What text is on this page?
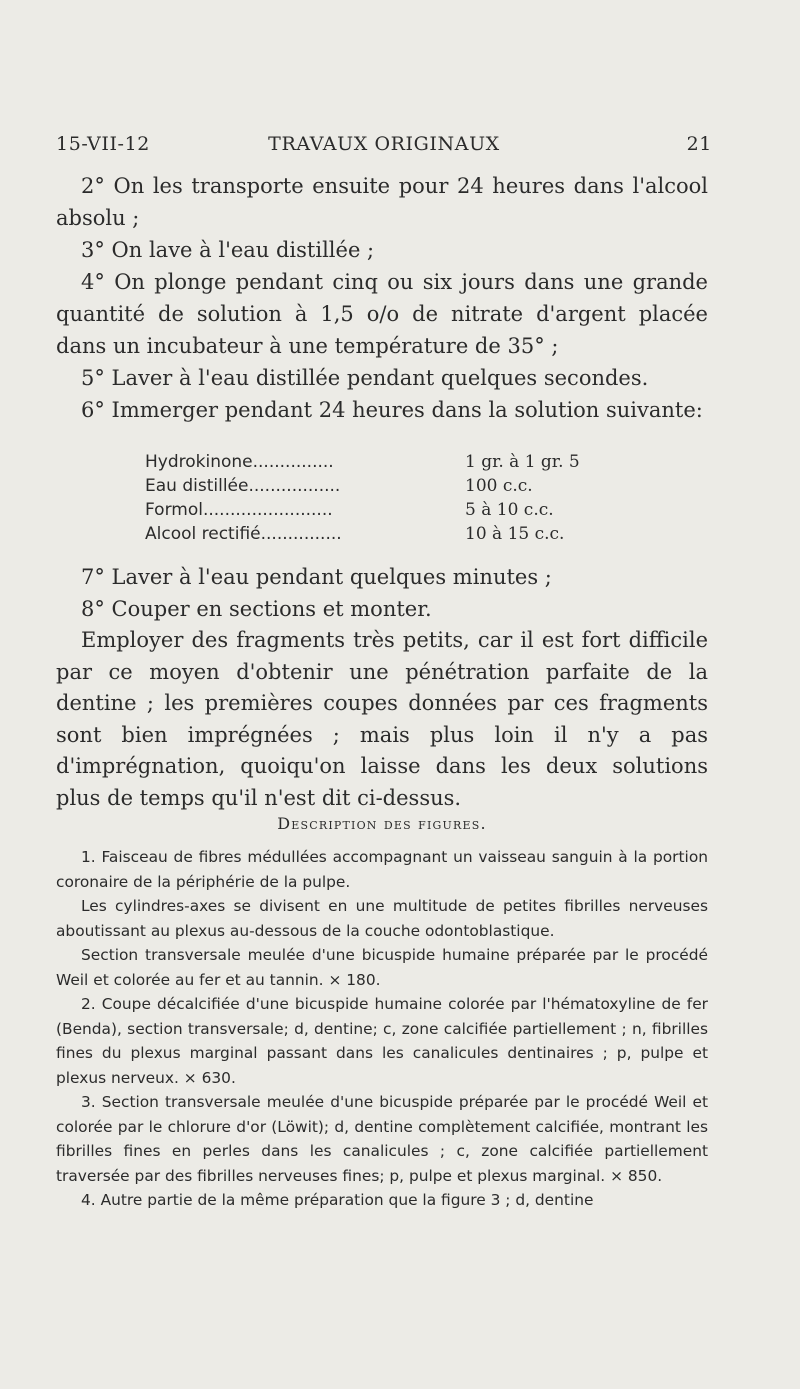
15-VII-12	TRAVAUX ORIGINAUX	21

2° On les transporte ensuite pour 24 heures dans l'alcool absolu ;

3° On lave à l'eau distillée ;

4° On plonge pendant cinq ou six jours dans une grande quantité de solution à 1,5 o/o de nitrate d'argent placée dans un incubateur à une température de 35° ;

5° Laver à l'eau distillée pendant quelques secondes.

6° Immerger pendant 24 heures dans la solution suivante:

Hydrokinone...............	1 gr. à 1 gr. 5
Eau distillée.................	100 c.c.
Formol........................	5 à 10 c.c.
Alcool rectifié...............	10 à 15 c.c.

7° Laver à l'eau pendant quelques minutes ;

8° Couper en sections et monter.

Employer des fragments très petits, car il est fort difficile par ce moyen d'obtenir une pénétration parfaite de la dentine ; les premières coupes données par ces fragments sont bien imprégnées ; mais plus loin il n'y a pas d'imprégnation, quoiqu'on laisse dans les deux solutions plus de temps qu'il n'est dit ci-dessus.

Description des figures.

1. Faisceau de fibres médullées accompagnant un vaisseau sanguin à la portion coronaire de la périphérie de la pulpe.

Les cylindres-axes se divisent en une multitude de petites fibrilles nerveuses aboutissant au plexus au-dessous de la couche odontoblastique.

Section transversale meulée d'une bicuspide humaine préparée par le procédé Weil et colorée au fer et au tannin. × 180.

2. Coupe décalcifiée d'une bicuspide humaine colorée par l'hématoxyline de fer (Benda), section transversale; d, dentine; c, zone calcifiée partiellement ; n, fibrilles fines du plexus marginal passant dans les canalicules dentinaires ; p, pulpe et plexus nerveux. × 630.

3. Section transversale meulée d'une bicuspide préparée par le procédé Weil et colorée par le chlorure d'or (Löwit); d, dentine complètement calcifiée, montrant les fibrilles fines en perles dans les canalicules ; c, zone calcifiée partiellement traversée par des fibrilles nerveuses fines; p, pulpe et plexus marginal. × 850.

4. Autre partie de la même préparation que la figure 3 ; d, dentine
